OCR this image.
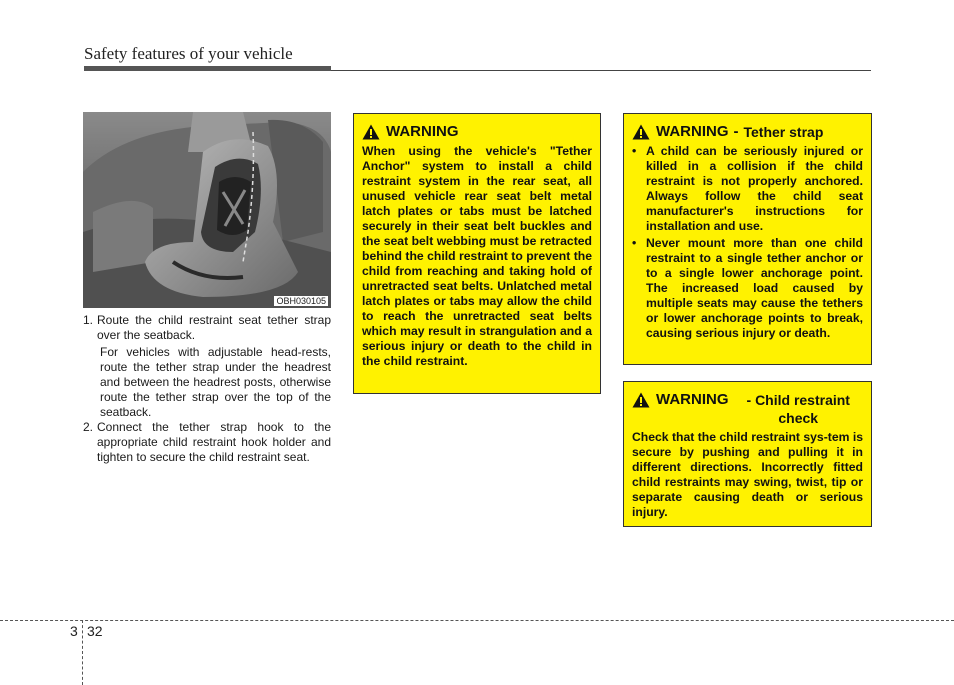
Safety features of your vehicle
OBH030105
1. Route the child restraint seat tether strap over the seatback.
For vehicles with adjustable head-rests, route the tether strap under the headrest and between the headrest posts, otherwise route the tether strap over the top of the seatback.
2. Connect the tether strap hook to the appropriate child restraint hook holder and tighten to secure the child restraint seat.
WARNING
When using the vehicle's "Tether Anchor" system to install a child restraint system in the rear seat, all unused vehicle rear seat belt metal latch plates or tabs must be latched securely in their seat belt buckles and the seat belt webbing must be retracted behind the child restraint to prevent the child from reaching and taking hold of unretracted seat belts. Unlatched metal latch plates or tabs may allow the child to reach the unretracted seat belts which may result in strangulation and a serious injury or death to the child in the child restraint.
WARNING - Tether strap
• A child can be seriously injured or killed in a collision if the child restraint is not properly anchored. Always follow the child seat manufacturer's instructions for installation and use.
• Never mount more than one child restraint to a single tether anchor or to a single lower anchorage point. The increased load caused by multiple seats may cause the tethers or lower anchorage points to break, causing serious injury or death.
WARNING	- Child restraint check
Check that the child restraint sys-tem is secure by pushing and pulling it in different directions. Incorrectly fitted child restraints may swing, twist, tip or separate causing death or serious injury.
3 32
